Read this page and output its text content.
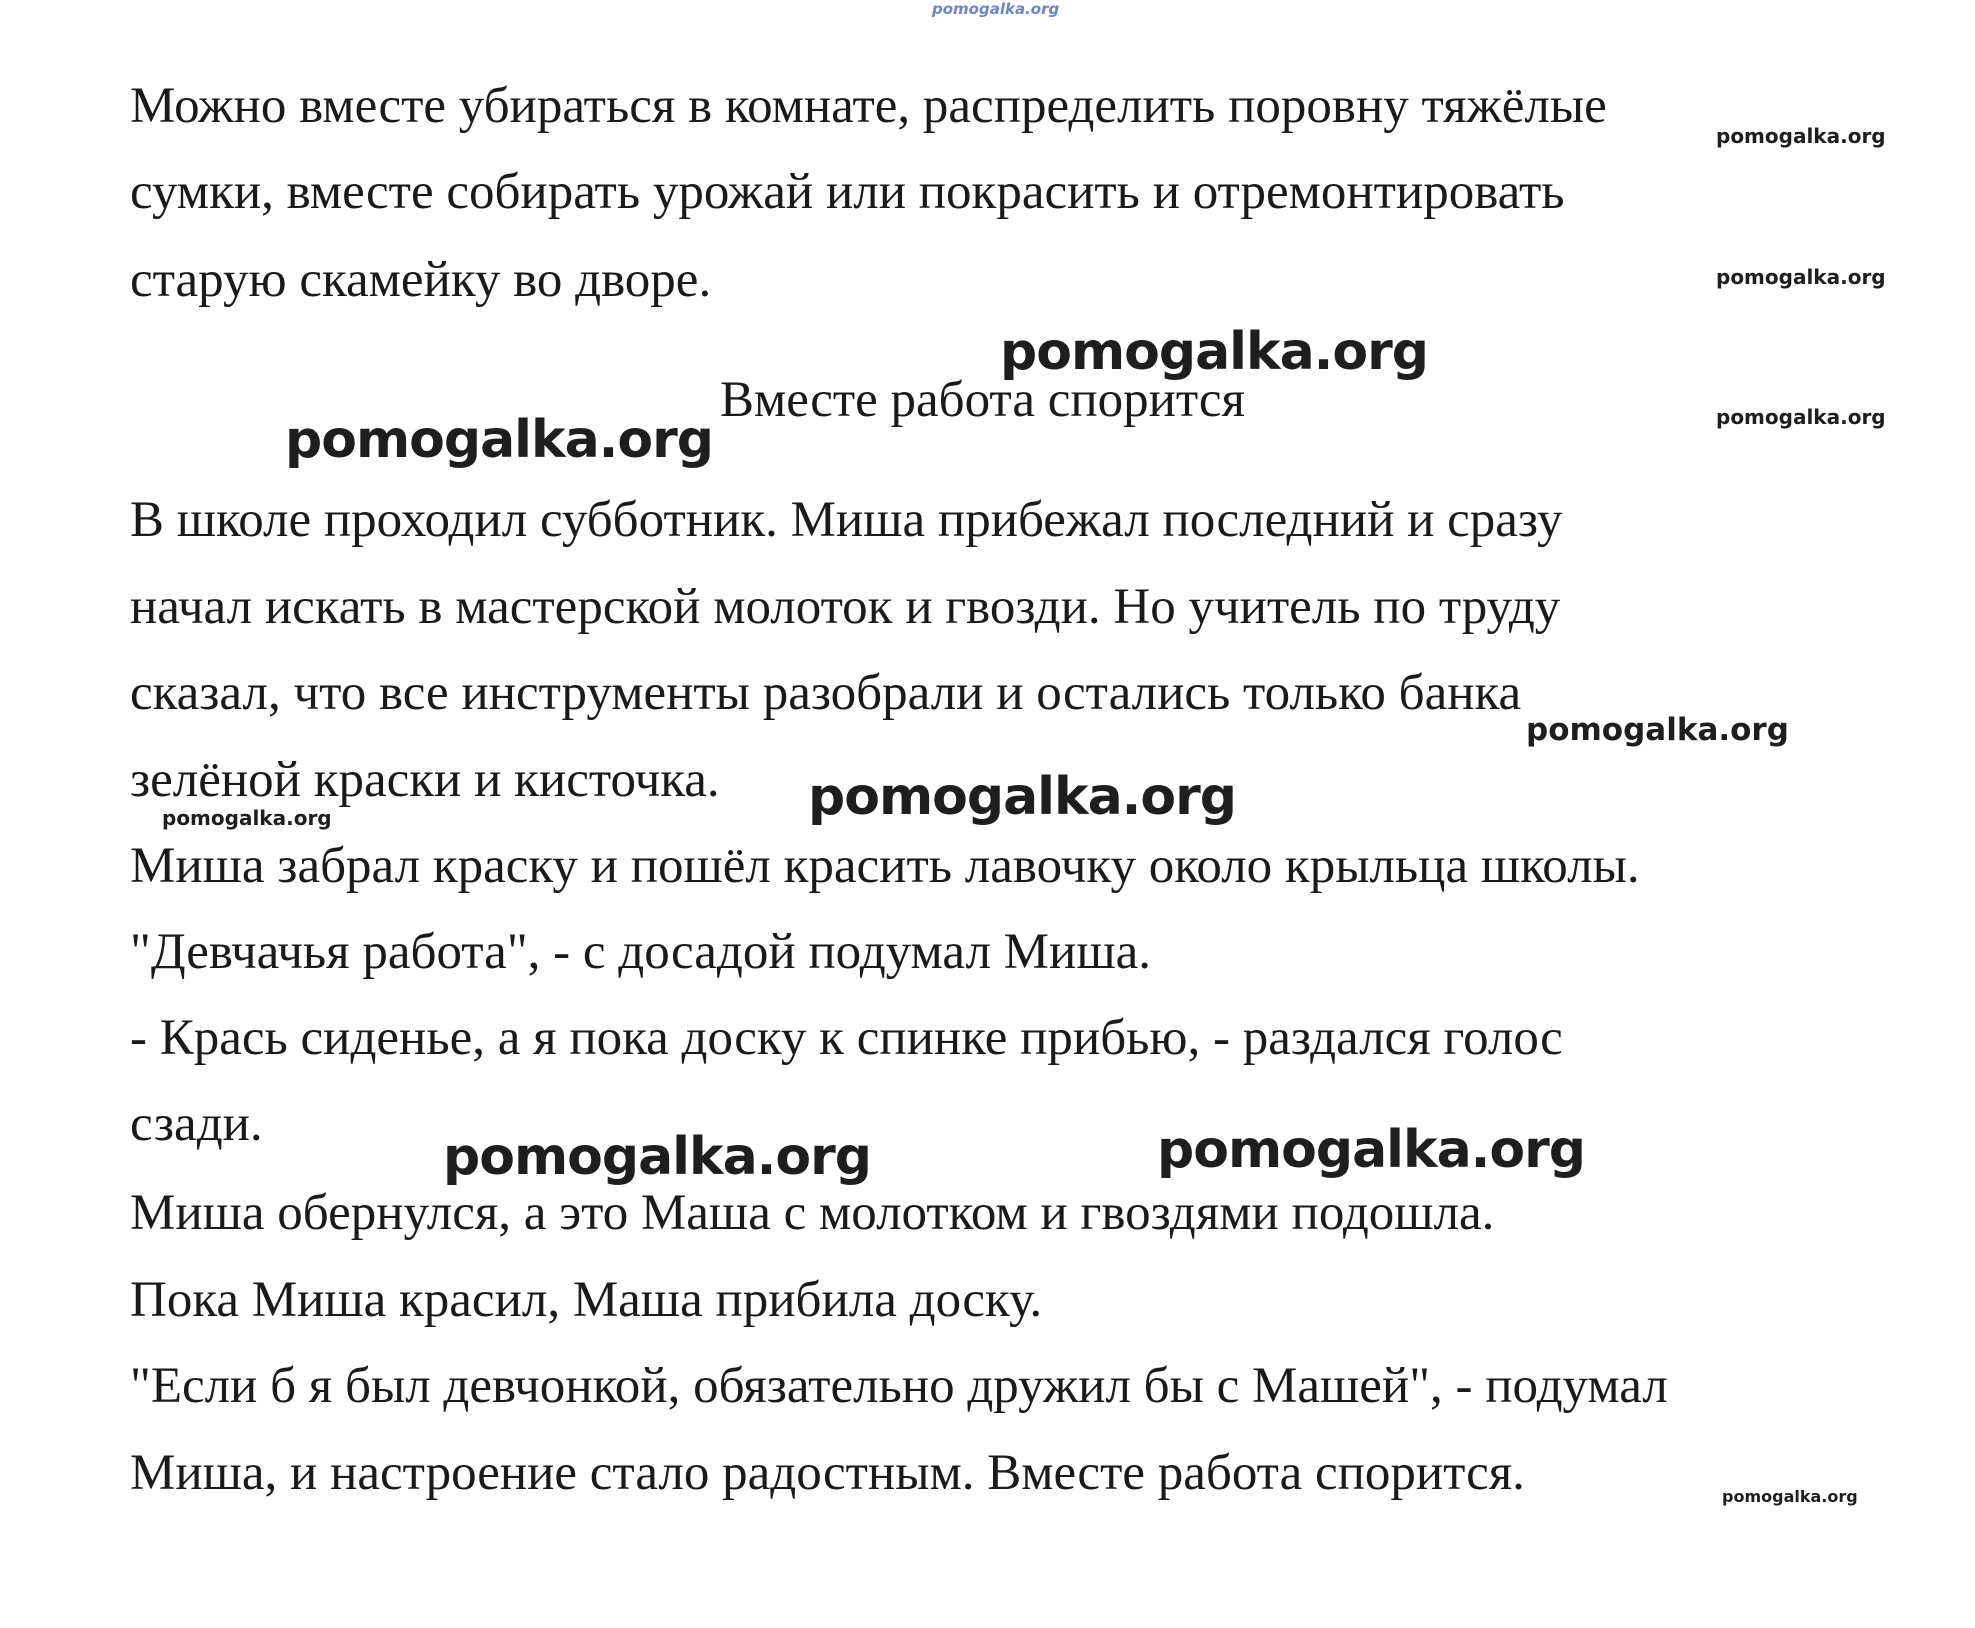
pomogalka.org
Можно вместе убираться в комнате, распределить поровну тяжёлые
сумки, вместе собирать урожай или покрасить и отремонтировать
старую скамейку во дворе.
pomogalka.org
pomogalka.org
pomogalka.org
Вместе работа спорится
pomogalka.org
pomogalka.org
В школе проходил субботник. Миша прибежал последний и сразу
начал искать в мастерской молоток и гвозди. Но учитель по труду
сказал, что все инструменты разобрали и остались только банка
pomogalka.org
зелёной краски и кисточка.
pomogalka.org	pomogalka.org
Миша забрал краску и пошёл красить лавочку около крыльца школы.
"Девчачья работа", - с досадой подумал Миша.
- Крась сиденье, а я пока доску к спинке прибью, - раздался голос
сзади.
pomogalka.org	pomogalka.org
Миша обернулся, а это Маша с молотком и гвоздями подошла.
Пока Миша красил, Маша прибила доску.
"Если б я был девчонкой, обязательно дружил бы с Машей", - подумал
Миша, и настроение стало радостным. Вместе работа спорится.	pomogalka.org
